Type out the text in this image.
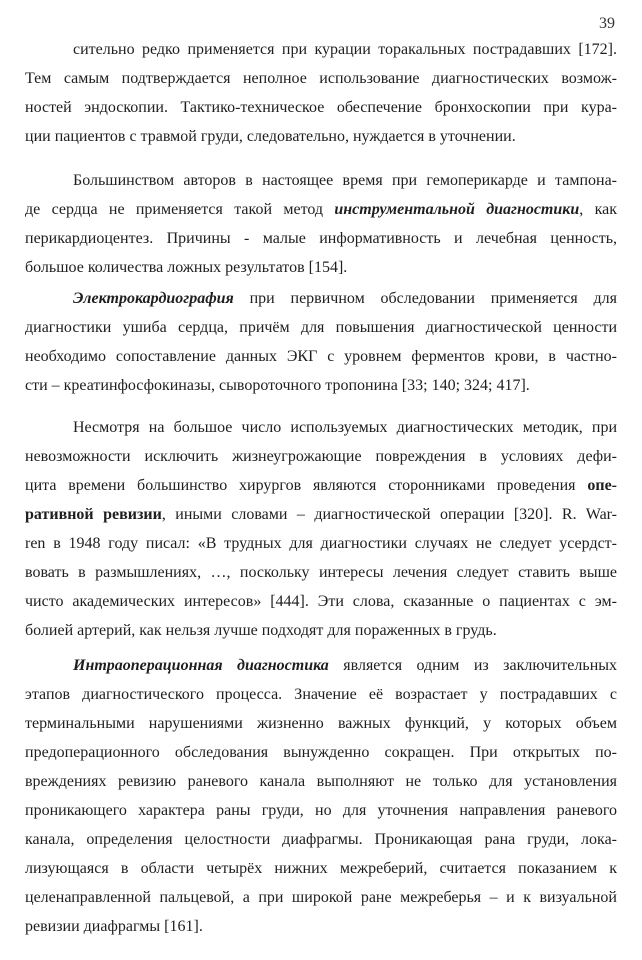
39
сительно редко применяется при курации торакальных пострадавших [172].
Тем самым подтверждается неполное использование диагностических возмож-
ностей эндоскопии. Тактико-техническое обеспечение бронхоскопии при кура-
ции пациентов с травмой груди, следовательно, нуждается в уточнении.
Большинством авторов в настоящее время при гемоперикарде и тампона-
де сердца не применяется такой метод инструментальной диагностики, как
перикардиоцентез. Причины - малые информативность и лечебная ценность,
большое количества ложных результатов [154].
Электрокардиография при первичном обследовании применяется для
диагностики ушиба сердца, причём для повышения диагностической ценности
необходимо сопоставление данных ЭКГ с уровнем ферментов крови, в частно-
сти – креатинфосфокиназы, сывороточного тропонина [33; 140; 324; 417].
Несмотря на большое число используемых диагностических методик, при
невозможности исключить жизнеугрожающие повреждения в условиях дефи-
цита времени большинство хирургов являются сторонниками проведения опе-
ративной ревизии, иными словами – диагностической операции [320]. R. War-
ren в 1948 году писал: «В трудных для диагностики случаях не следует усердст-
вовать в размышлениях, …, поскольку интересы лечения следует ставить выше
чисто академических интересов» [444]. Эти слова, сказанные о пациентах с эм-
болией артерий, как нельзя лучше подходят для пораженных в грудь.
Интраоперационная диагностика является одним из заключительных
этапов диагностического процесса. Значение её возрастает у пострадавших с
терминальными нарушениями жизненно важных функций, у которых объем
предоперационного обследования вынужденно сокращен. При открытых по-
вреждениях ревизию раневого канала выполняют не только для установления
проникающего характера раны груди, но для уточнения направления раневого
канала, определения целостности диафрагмы. Проникающая рана груди, лока-
лизующаяся в области четырёх нижних межреберий, считается показанием к
целенаправленной пальцевой, а при широкой ране межреберья – и к визуальной
ревизии диафрагмы [161].
